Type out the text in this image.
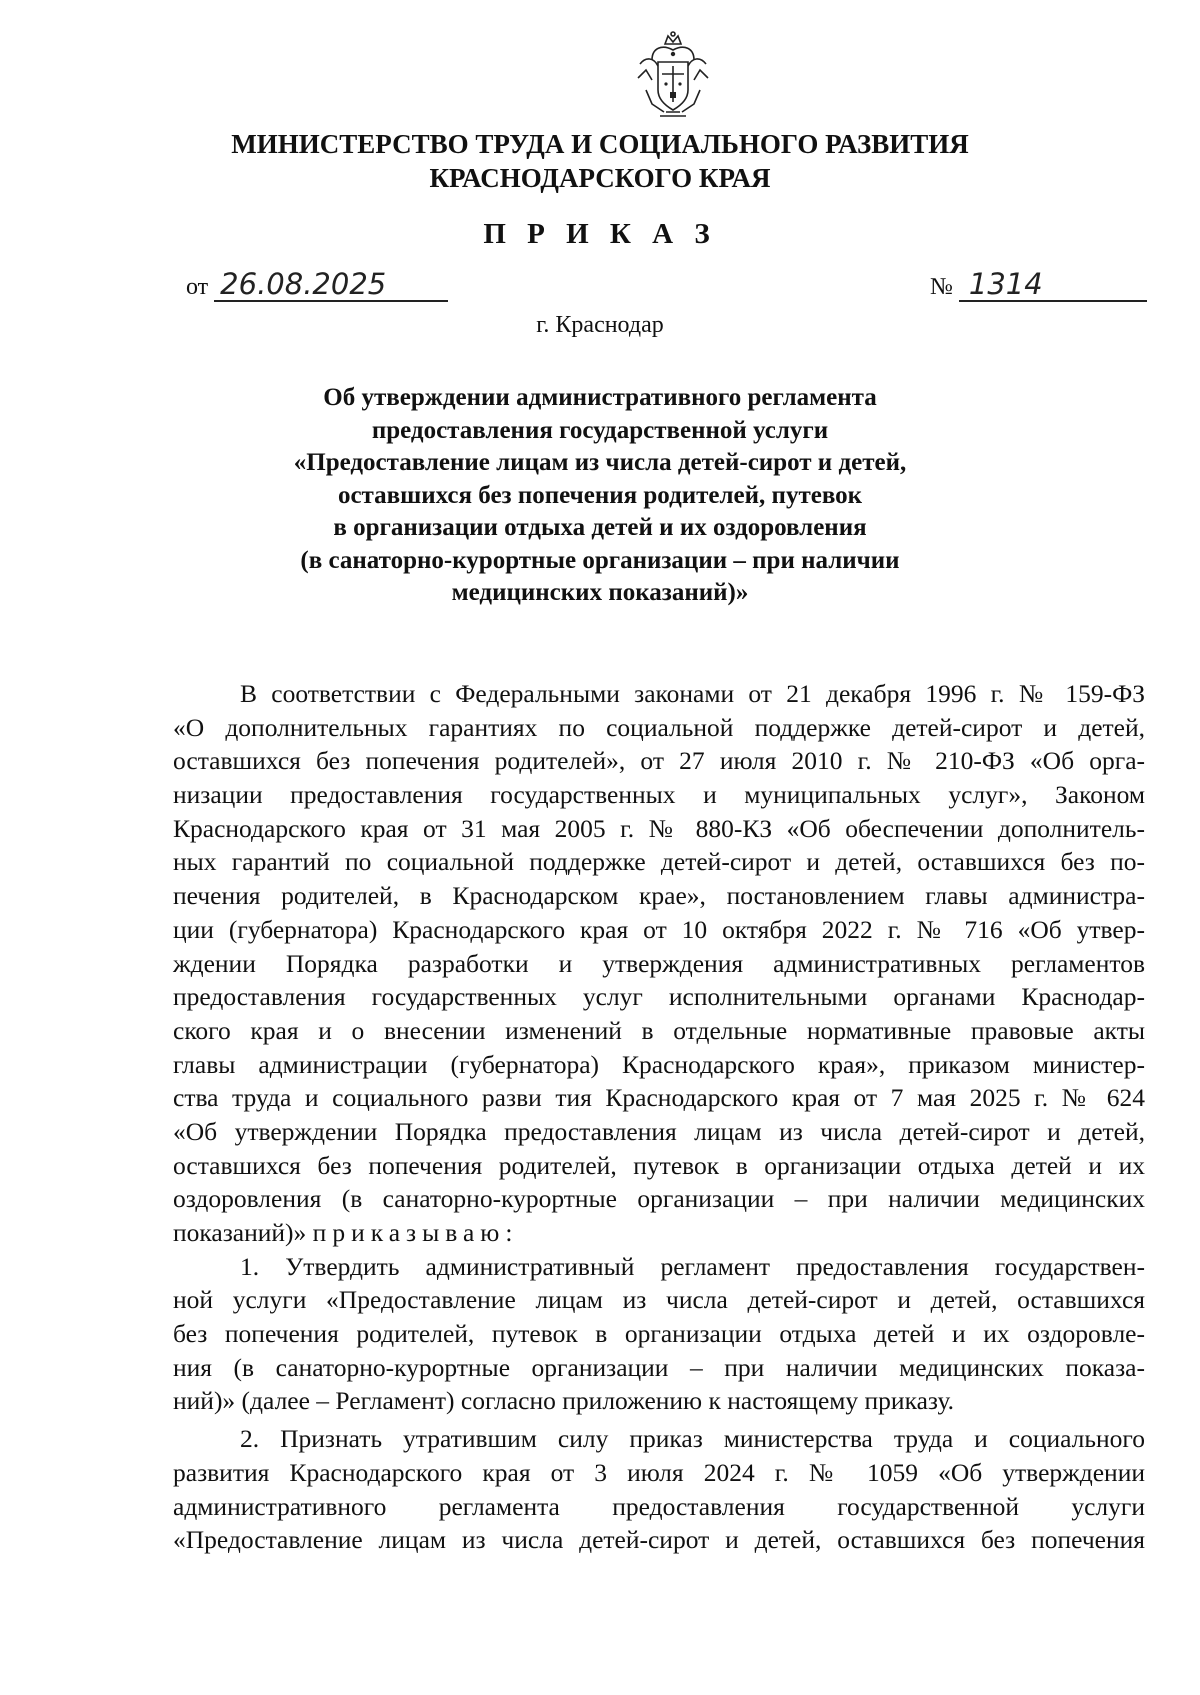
МИНИСТЕРСТВО ТРУДА И СОЦИАЛЬНОГО РАЗВИТИЯ
КРАСНОДАРСКОГО КРАЯ
П Р И К А З
от 26.08.2025	№ 1314
г. Краснодар
Об утверждении административного регламента
предоставления государственной услуги
«Предоставление лицам из числа детей-сирот и детей,
оставшихся без попечения родителей, путевок
в организации отдыха детей и их оздоровления
(в санаторно-курортные организации – при наличии
медицинских показаний)»
В соответствии с Федеральными законами от 21 декабря 1996 г. № 159-ФЗ
«О дополнительных гарантиях по социальной поддержке детей-сирот и детей,
оставшихся без попечения родителей», от 27 июля 2010 г. № 210-ФЗ «Об орга-
низации предоставления государственных и муниципальных услуг», Законом
Краснодарского края от 31 мая 2005 г. № 880-КЗ «Об обеспечении дополнитель-
ных гарантий по социальной поддержке детей-сирот и детей, оставшихся без по-
печения родителей, в Краснодарском крае», постановлением главы администра-
ции (губернатора) Краснодарского края от 10 октября 2022 г. № 716 «Об утвер-
ждении Порядка разработки и утверждения административных регламентов
предоставления государственных услуг исполнительными органами Краснодар-
ского края и о внесении изменений в отдельные нормативные правовые акты
главы администрации (губернатора) Краснодарского края», приказом министер-
ства труда и социального разви тия Краснодарского края от 7 мая 2025 г. № 624
«Об утверждении Порядка предоставления лицам из числа детей-сирот и детей,
оставшихся без попечения родителей, путевок в организации отдыха детей и их
оздоровления (в санаторно-курортные организации – при наличии медицинских
показаний)» приказываю:
1. Утвердить административный регламент предоставления государствен-
ной услуги «Предоставление лицам из числа детей-сирот и детей, оставшихся
без попечения родителей, путевок в организации отдыха детей и их оздоровле-
ния (в санаторно-курортные организации – при наличии медицинских показа-
ний)» (далее – Регламент) согласно приложению к настоящему приказу.
2. Признать утратившим силу приказ министерства труда и социального
развития Краснодарского края от 3 июля 2024 г. № 1059 «Об утверждении
административного регламента предоставления государственной услуги
«Предоставление лицам из числа детей-сирот и детей, оставшихся без попечения
